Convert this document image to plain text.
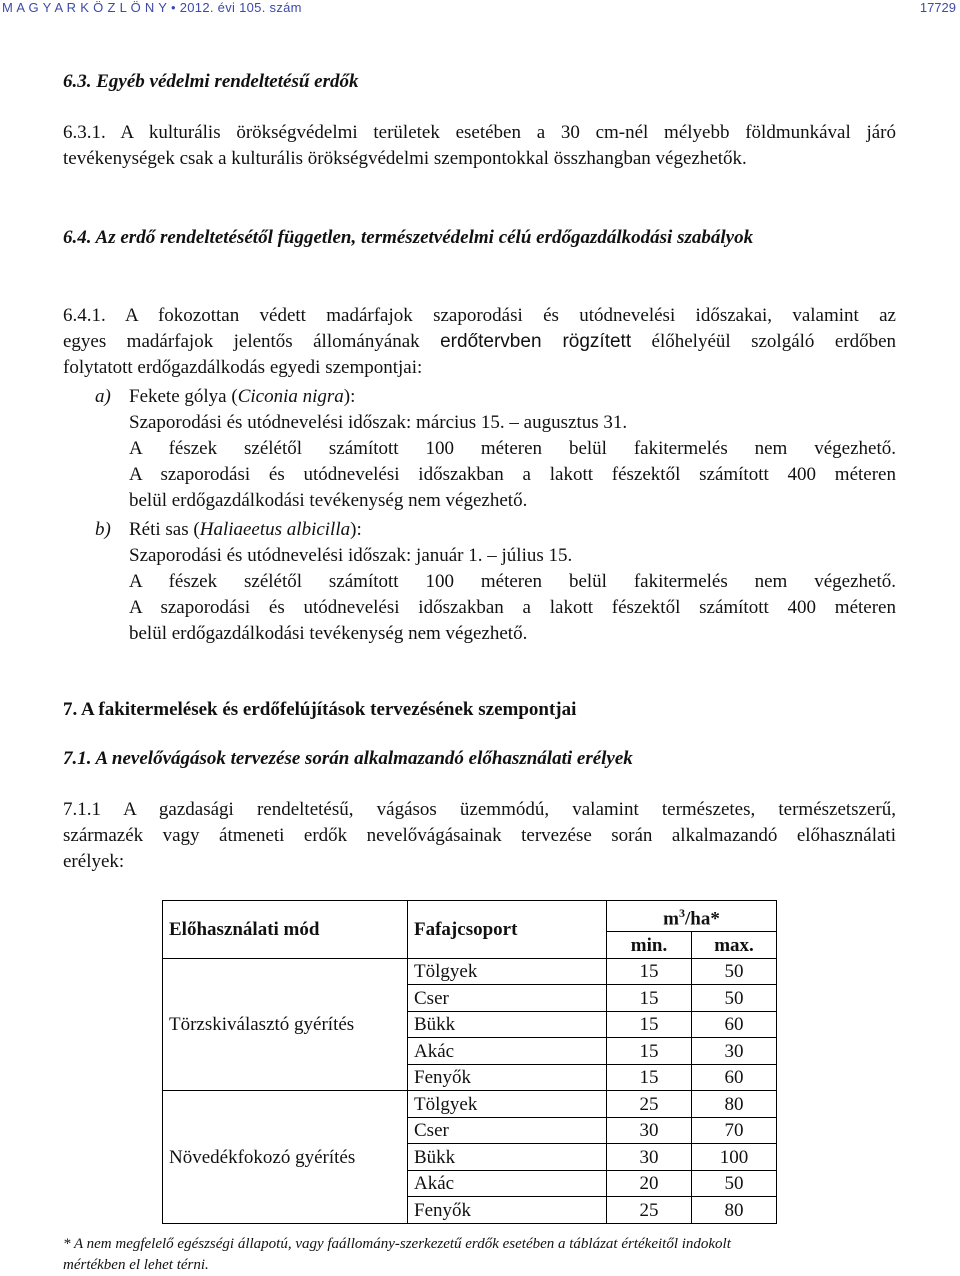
M A G Y A R K Ö Z L Ö N Y • 2012. évi 105. szám	17729
6.3. Egyéb védelmi rendeltetésű erdők
6.3.1. A kulturális örökségvédelmi területek esetében a 30 cm-nél mélyebb földmunkával járó
tevékenységek csak a kulturális örökségvédelmi szempontokkal összhangban végezhetők.
6.4. Az erdő rendeltetésétől független, természetvédelmi célú erdőgazdálkodási szabályok
6.4.1. A fokozottan védett madárfajok szaporodási és utódnevelési időszakai, valamint az
egyes madárfajok jelentős állományának erdőtervben rögzített élőhelyéül szolgáló erdőben
folytatott erdőgazdálkodás egyedi szempontjai:
a) Fekete gólya (Ciconia nigra):
Szaporodási és utódnevelési időszak: március 15. – augusztus 31.
A fészek szélétől számított 100 méteren belül fakitermelés nem végezhető.
A szaporodási és utódnevelési időszakban a lakott fészektől számított 400 méteren
belül erdőgazdálkodási tevékenység nem végezhető.
b) Réti sas (Haliaeetus albicilla):
Szaporodási és utódnevelési időszak: január 1. – július 15.
A fészek szélétől számított 100 méteren belül fakitermelés nem végezhető.
A szaporodási és utódnevelési időszakban a lakott fészektől számított 400 méteren
belül erdőgazdálkodási tevékenység nem végezhető.
7. A fakitermelések és erdőfelújítások tervezésének szempontjai
7.1. A nevelővágások tervezése során alkalmazandó előhasználati erélyek
7.1.1 A gazdasági rendeltetésű, vágásos üzemmódú, valamint természetes, természetszerű,
származék vagy átmeneti erdők nevelővágásainak tervezése során alkalmazandó előhasználati
erélyek:
Előhasználati mód	Fafajcsoport	$m^3/ha*$	
		min.	max.
Törzskiválasztó gyérítés	Tölgyek	15	50
	Cser	15	50
	Bükk	15	60
	Akác	15	30
	Fenyők	15	60
Növedékfokozó gyérítés	Tölgyek	25	80
	Cser	30	70
	Bükk	30	100
	Akác	20	50
	Fenyők	25	80
* A nem megfelelő egészségi állapotú, vagy faállomány-szerkezetű erdők esetében a táblázat értékeitől indokolt
mértékben el lehet térni.
